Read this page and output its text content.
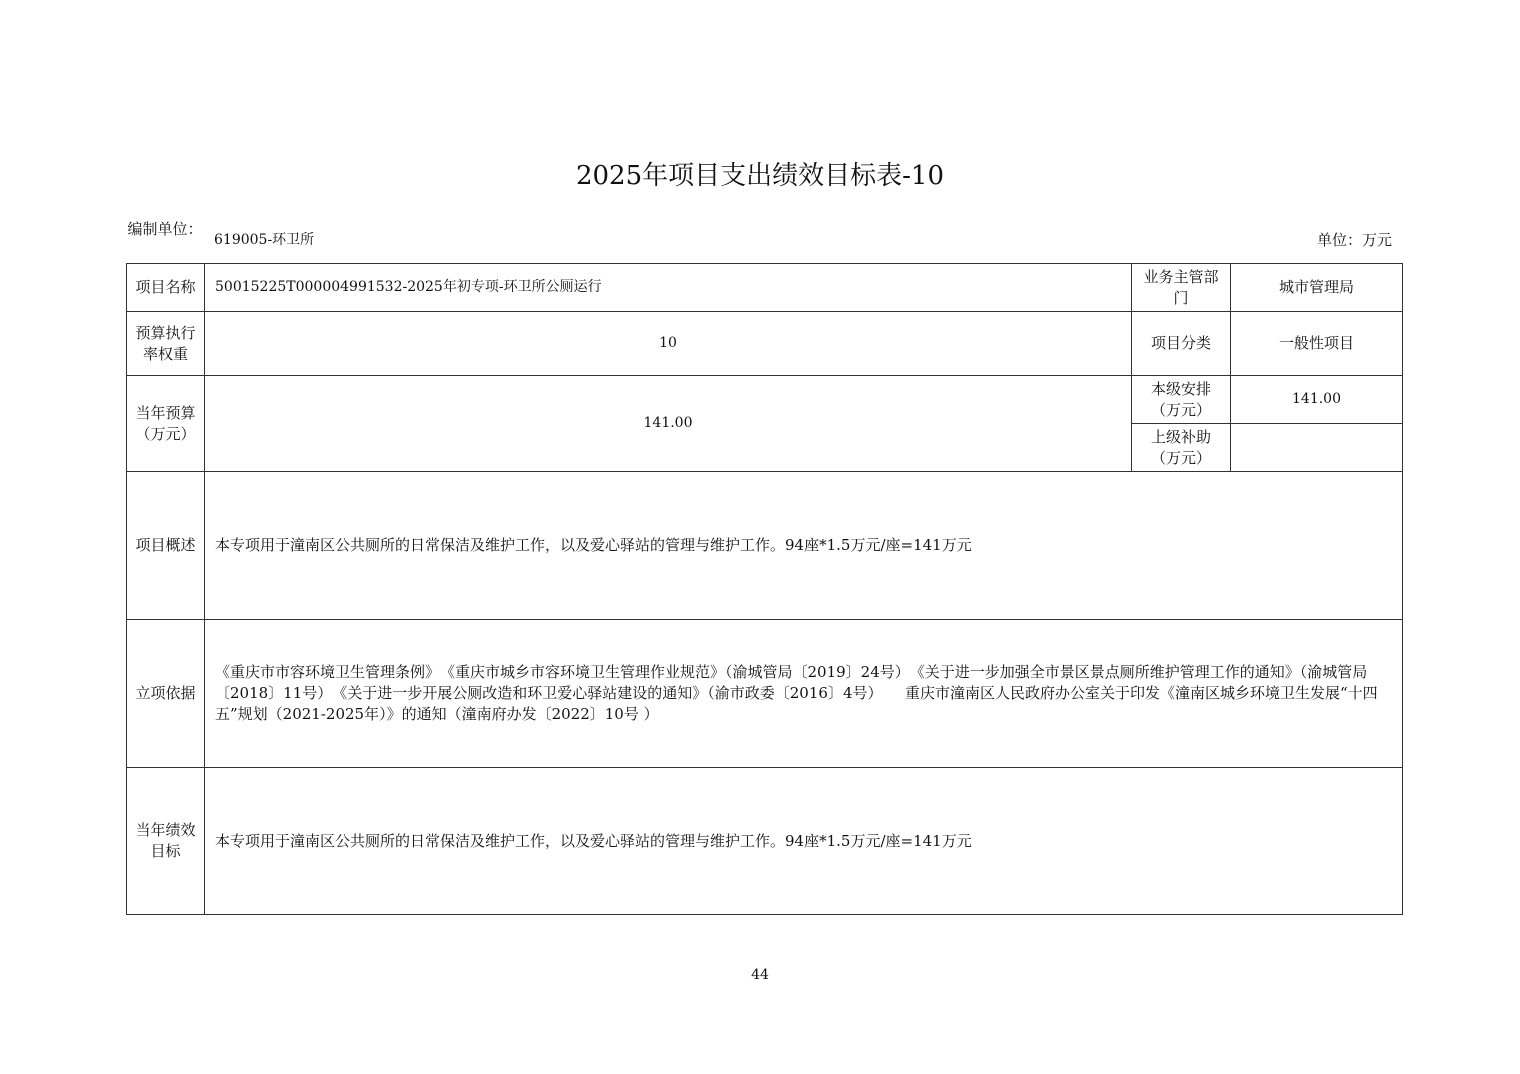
2025年项目支出绩效目标表-10
编制单位：
619005-环卫所	单位：万元
项目名称	50015225T000004991532-2025年初专项-环卫所公厕运行	业务主管部门	城市管理局
预算执行率权重	10	项目分类	一般性项目
当年预算（万元）	141.00	本级安排（万元）	141.00
		上级补助（万元）	
项目概述	本专项用于潼南区公共厕所的日常保洁及维护工作，以及爱心驿站的管理与维护工作。94座*1.5万元/座=141万元		
立项依据	《重庆市市容环境卫生管理条例》　《重庆市城乡市容环境卫生管理作业规范》（渝城管局〔2019〕24号）　《关于进一步加强全市景区景点厕所维护管理工作的通知》（渝城管局〔2018〕11号）　《关于进一步开展公厕改造和环卫爱心驿站建设的通知》（渝市政委〔2016〕4号）　　重庆市潼南区人民政府办公室关于印发《潼南区城乡环境卫生发展“十四五”规划（2021-2025年）》的通知（潼南府办发〔2022〕10号 ）		
当年绩效目标	本专项用于潼南区公共厕所的日常保洁及维护工作，以及爱心驿站的管理与维护工作。94座*1.5万元/座=141万元		
44
